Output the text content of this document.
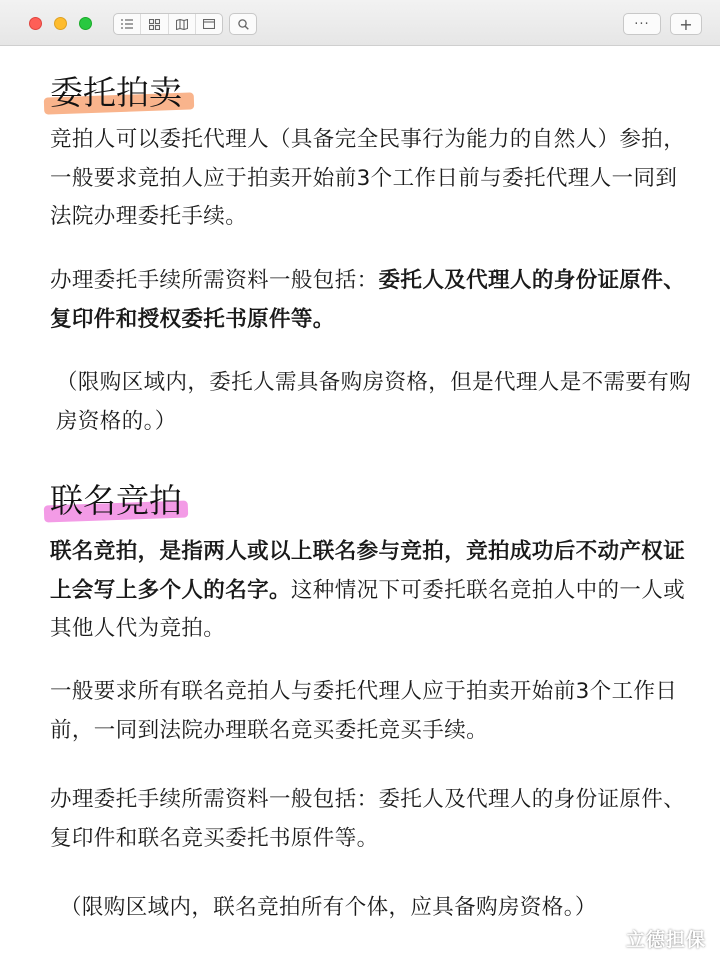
···	+
委托拍卖
竞拍人可以委托代理人（具备完全民事行为能力的自然人）参拍，一般要求竞拍人应于拍卖开始前3个工作日前与委托代理人一同到法院办理委托手续。
办理委托手续所需资料一般包括：委托人及代理人的身份证原件、复印件和授权委托书原件等。
（限购区域内，委托人需具备购房资格，但是代理人是不需要有购房资格的。）
联名竞拍
联名竞拍，是指两人或以上联名参与竞拍，竞拍成功后不动产权证上会写上多个人的名字。这种情况下可委托联名竞拍人中的一人或其他人代为竞拍。
一般要求所有联名竞拍人与委托代理人应于拍卖开始前3个工作日前，一同到法院办理联名竞买委托竞买手续。
办理委托手续所需资料一般包括：委托人及代理人的身份证原件、复印件和联名竞买委托书原件等。
（限购区域内，联名竞拍所有个体，应具备购房资格。）
立德担保
